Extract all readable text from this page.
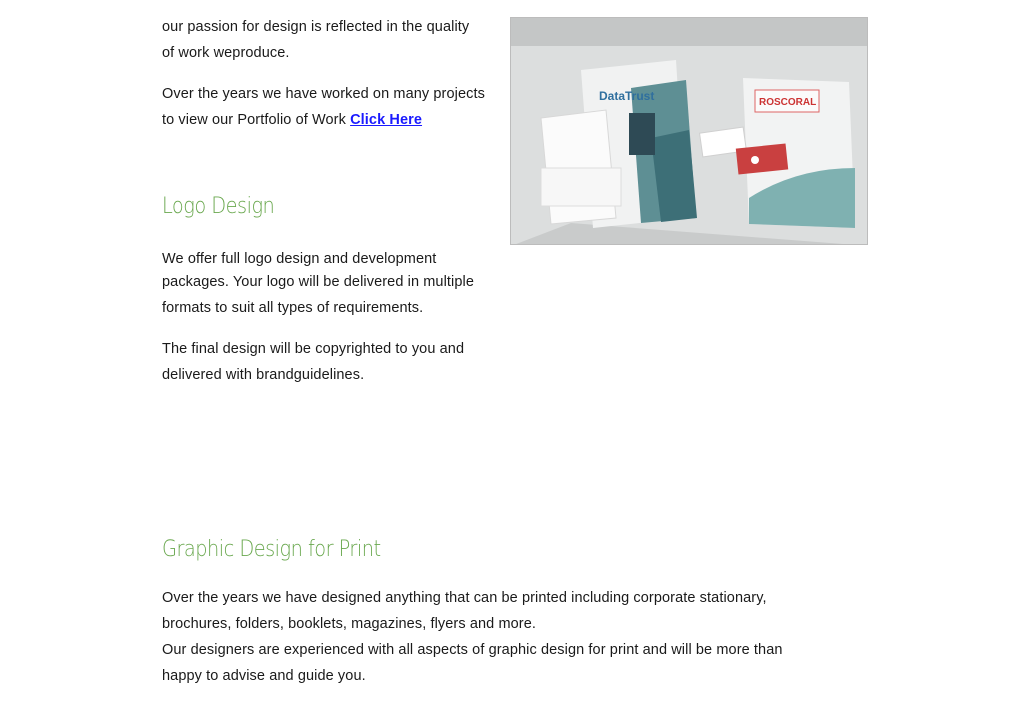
our passion for design is reflected in the quality

of work weproduce.

Over the years we have worked on many projects

to view our Portfolio of Work Click Here

DataTrust	ROSCORAL
Logo Design

We offer full logo design and development

packages. Your logo will be delivered in multiple

formats to suit all types of requirements.

The final design will be copyrighted to you and

delivered with brandguidelines.

Graphic Design for Print

Over the years we have designed anything that can be printed including corporate stationary,

brochures, folders, booklets, magazines, flyers and more.

Our designers are experienced with all aspects of graphic design for print and will be more than

happy to advise and guide you.
